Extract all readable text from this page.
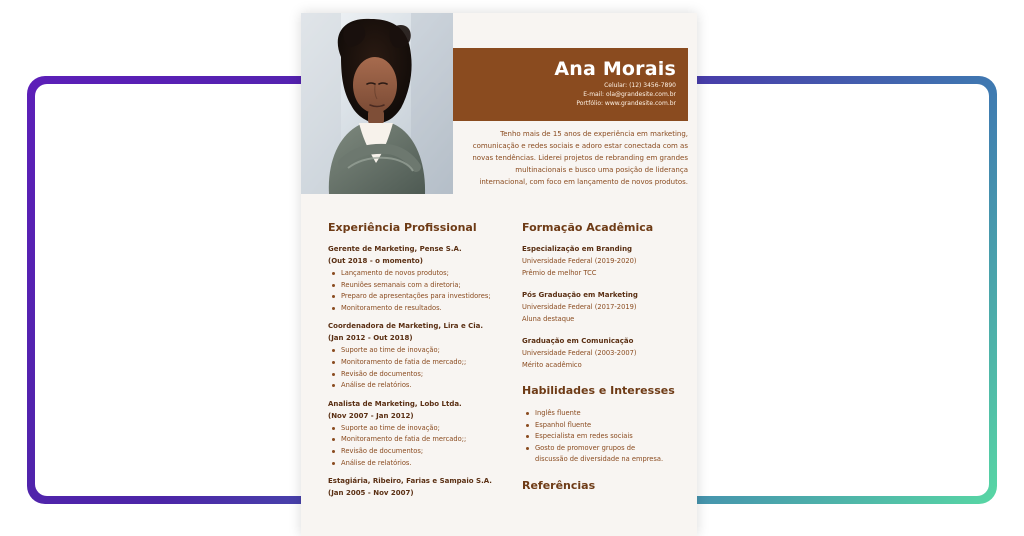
Ana Morais
Celular: (12) 3456-7890
E-mail: ola@grandesite.com.br
Portfólio: www.grandesite.com.br
Tenho mais de 15 anos de experiência em marketing,
comunicação e redes sociais e adoro estar conectada com as
novas tendências. Liderei projetos de rebranding em grandes
multinacionais e busco uma posição de liderança
internacional, com foco em lançamento de novos produtos.
Experiência Profissional
Gerente de Marketing, Pense S.A.
(Out 2018 - o momento)
Lançamento de novos produtos;
Reuniões semanais com a diretoria;
Preparo de apresentações para investidores;
Monitoramento de resultados.
Coordenadora de Marketing, Lira e Cia.
(Jan 2012 - Out 2018)
Suporte ao time de inovação;
Monitoramento de fatia de mercado;;
Revisão de documentos;
Análise de relatórios.
Analista de Marketing, Lobo Ltda.
(Nov 2007 - Jan 2012)
Suporte ao time de inovação;
Monitoramento de fatia de mercado;;
Revisão de documentos;
Análise de relatórios.
Estagiária, Ribeiro, Farias e Sampaio S.A.
(Jan 2005 - Nov 2007)
Formação Acadêmica
Especialização em Branding
Universidade Federal (2019-2020)
Prêmio de melhor TCC
Pós Graduação em Marketing
Universidade Federal (2017-2019)
Aluna destaque
Graduação em Comunicação
Universidade Federal (2003-2007)
Mérito acadêmico
Habilidades e Interesses
Inglês fluente
Espanhol fluente
Especialista em redes sociais
Gosto de promover grupos de
discussão de diversidade na empresa.
Referências
